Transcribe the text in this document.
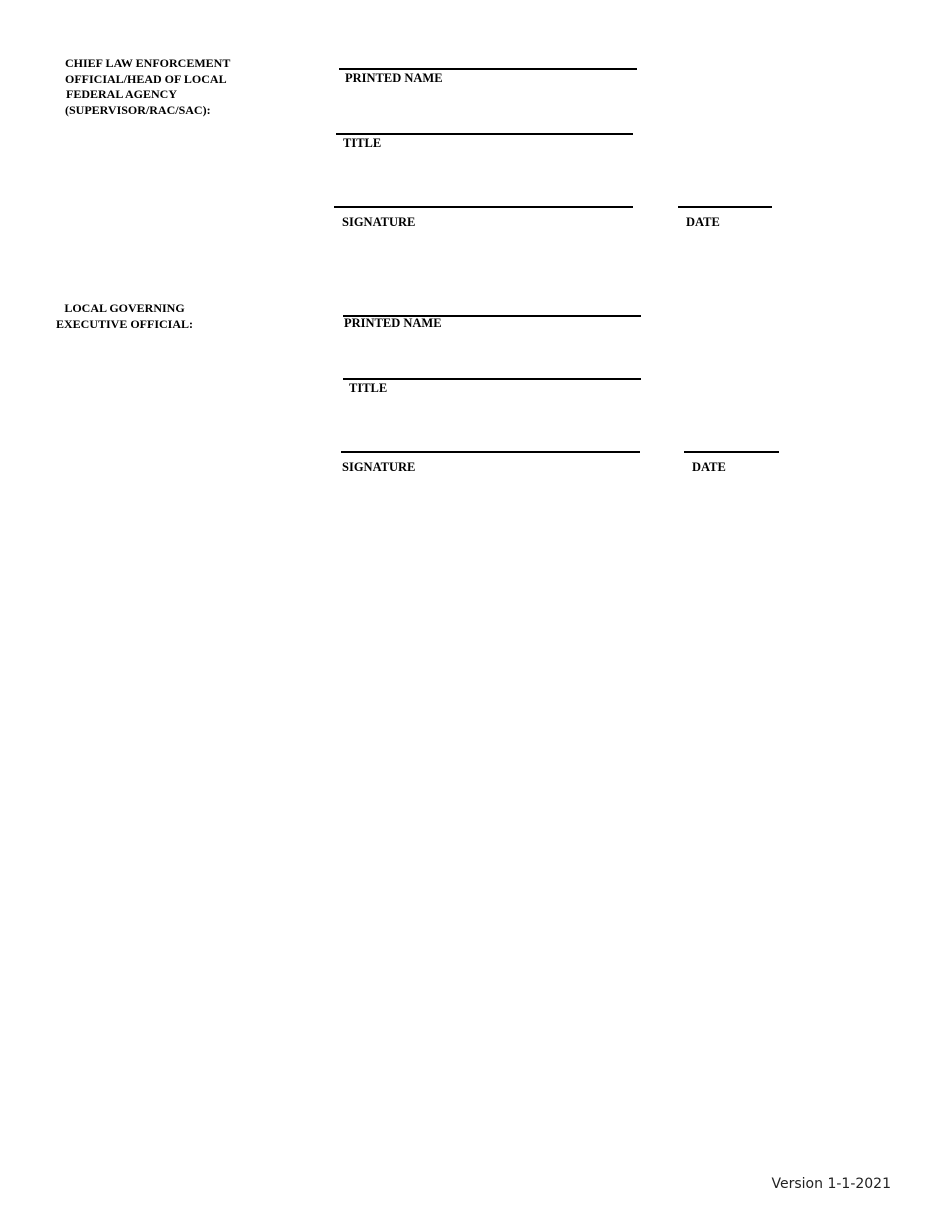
CHIEF LAW ENFORCEMENT
OFFICIAL/HEAD OF LOCAL
FEDERAL AGENCY
(SUPERVISOR/RAC/SAC):
PRINTED NAME
TITLE
SIGNATURE	DATE
LOCAL GOVERNING
EXECUTIVE OFFICIAL:	PRINTED NAME
TITLE
SIGNATURE	DATE
Version 1-1-2021
